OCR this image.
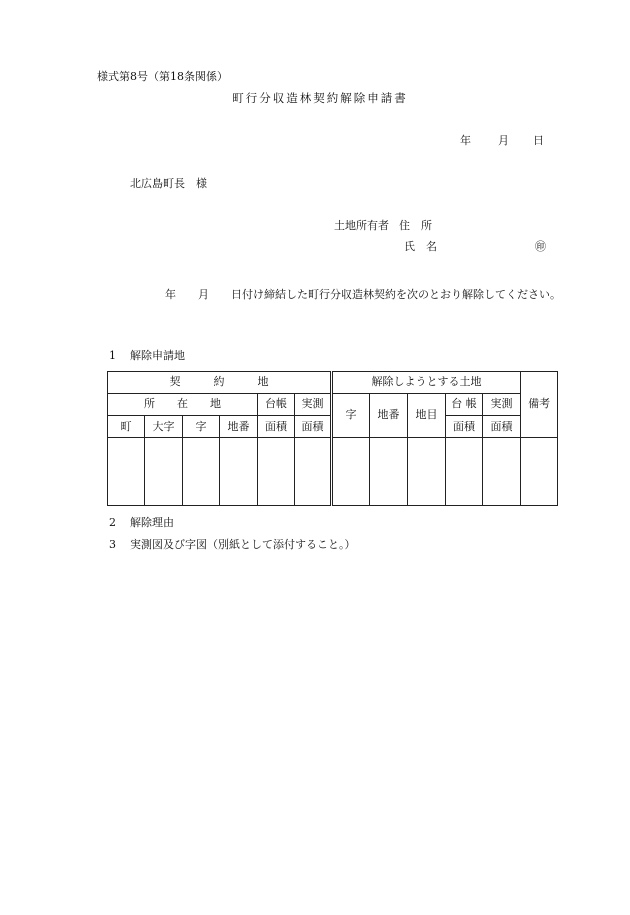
様式第8号（第18条関係）
町行分収造林契約解除申請書
年 月 日
北広島町長　様
土地所有者 住　所
氏　名	㊞
年　　月　　日付け締結した町行分収造林契約を次のとおり解除してください。
1 解除申請地
契　　　約　　　地						解除しようとする土地					備考
所　　在　　地				台帳	実測	字	地番	地目	台 帳	実測	
町	大字	字	地番	面積	面積				面積	面積	

2 解除理由
3 実測図及び字図（別紙として添付すること。）
